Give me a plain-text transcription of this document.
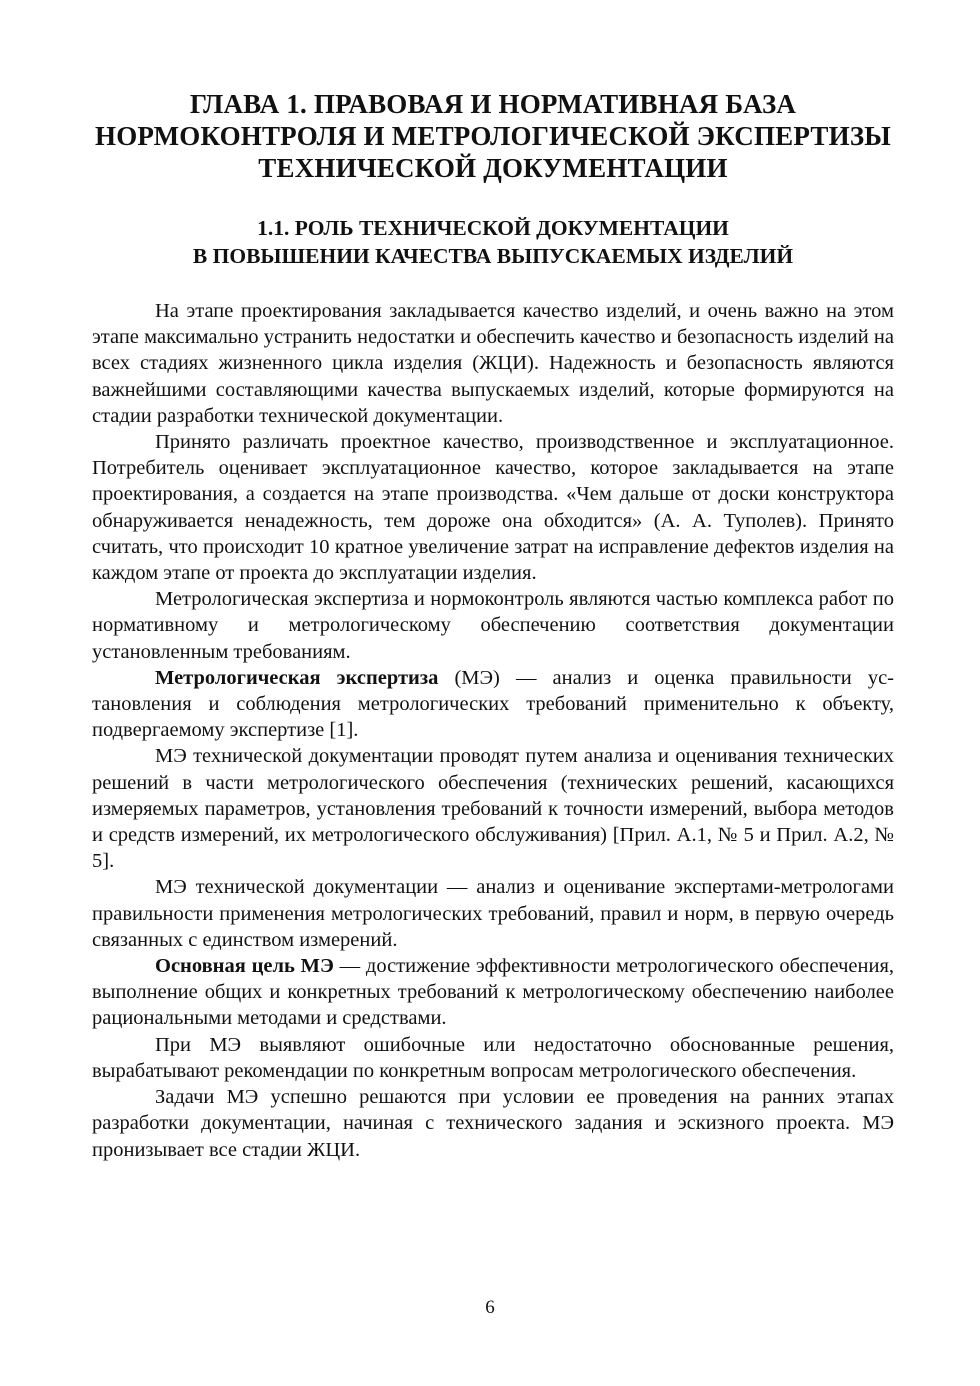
ГЛАВА 1. ПРАВОВАЯ И НОРМАТИВНАЯ БАЗА
НОРМОКОНТРОЛЯ И МЕТРОЛОГИЧЕСКОЙ ЭКСПЕРТИЗЫ
ТЕХНИЧЕСКОЙ ДОКУМЕНТАЦИИ
1.1. РОЛЬ ТЕХНИЧЕСКОЙ ДОКУМЕНТАЦИИ
В ПОВЫШЕНИИ КАЧЕСТВА ВЫПУСКАЕМЫХ ИЗДЕЛИЙ

На этапе проектирования закладывается качество изделий, и очень важно на этом этапе максимально устранить недостатки и обеспечить качество и безопасность изделий на всех стадиях жизненного цикла изделия (ЖЦИ). Надежность и безопасность являются важнейшими составляющими качества выпускаемых изделий, которые формируются на стадии разработки технической документации.

Принято различать проектное качество, производственное и эксплуатационное. Потребитель оценивает эксплуатационное качество, которое закладывается на этапе проектирования, а создается на этапе производства. «Чем дальше от доски конструктора обнаруживается ненадежность, тем дороже она обходится» (А. А. Туполев). Принято считать, что происходит 10 кратное увеличение затрат на исправление дефектов изделия на каждом этапе от проекта до эксплуатации изделия.

Метрологическая экспертиза и нормоконтроль являются частью комплекса работ по нормативному и метрологическому обеспечению соответствия документации установленным требованиям.

Метрологическая экспертиза (МЭ) — анализ и оценка правильности установления и соблюдения метрологических требований применительно к объекту, подвергаемому экспертизе [1].

МЭ технической документации проводят путем анализа и оценивания технических решений в части метрологического обеспечения (технических решений, касающихся измеряемых параметров, установления требований к точности измерений, выбора методов и средств измерений, их метрологического обслуживания) [Прил. А.1, № 5 и Прил. А.2, № 5].

МЭ технической документации — анализ и оценивание экспертами-метрологами правильности применения метрологических требований, правил и норм, в первую очередь связанных с единством измерений.

Основная цель МЭ — достижение эффективности метрологического обеспечения, выполнение общих и конкретных требований к метрологическому обеспечению наиболее рациональными методами и средствами.

При МЭ выявляют ошибочные или недостаточно обоснованные решения, вырабатывают рекомендации по конкретным вопросам метрологического обеспечения.

Задачи МЭ успешно решаются при условии ее проведения на ранних этапах разработки документации, начиная с технического задания и эскизного проекта. МЭ пронизывает все стадии ЖЦИ.

6
